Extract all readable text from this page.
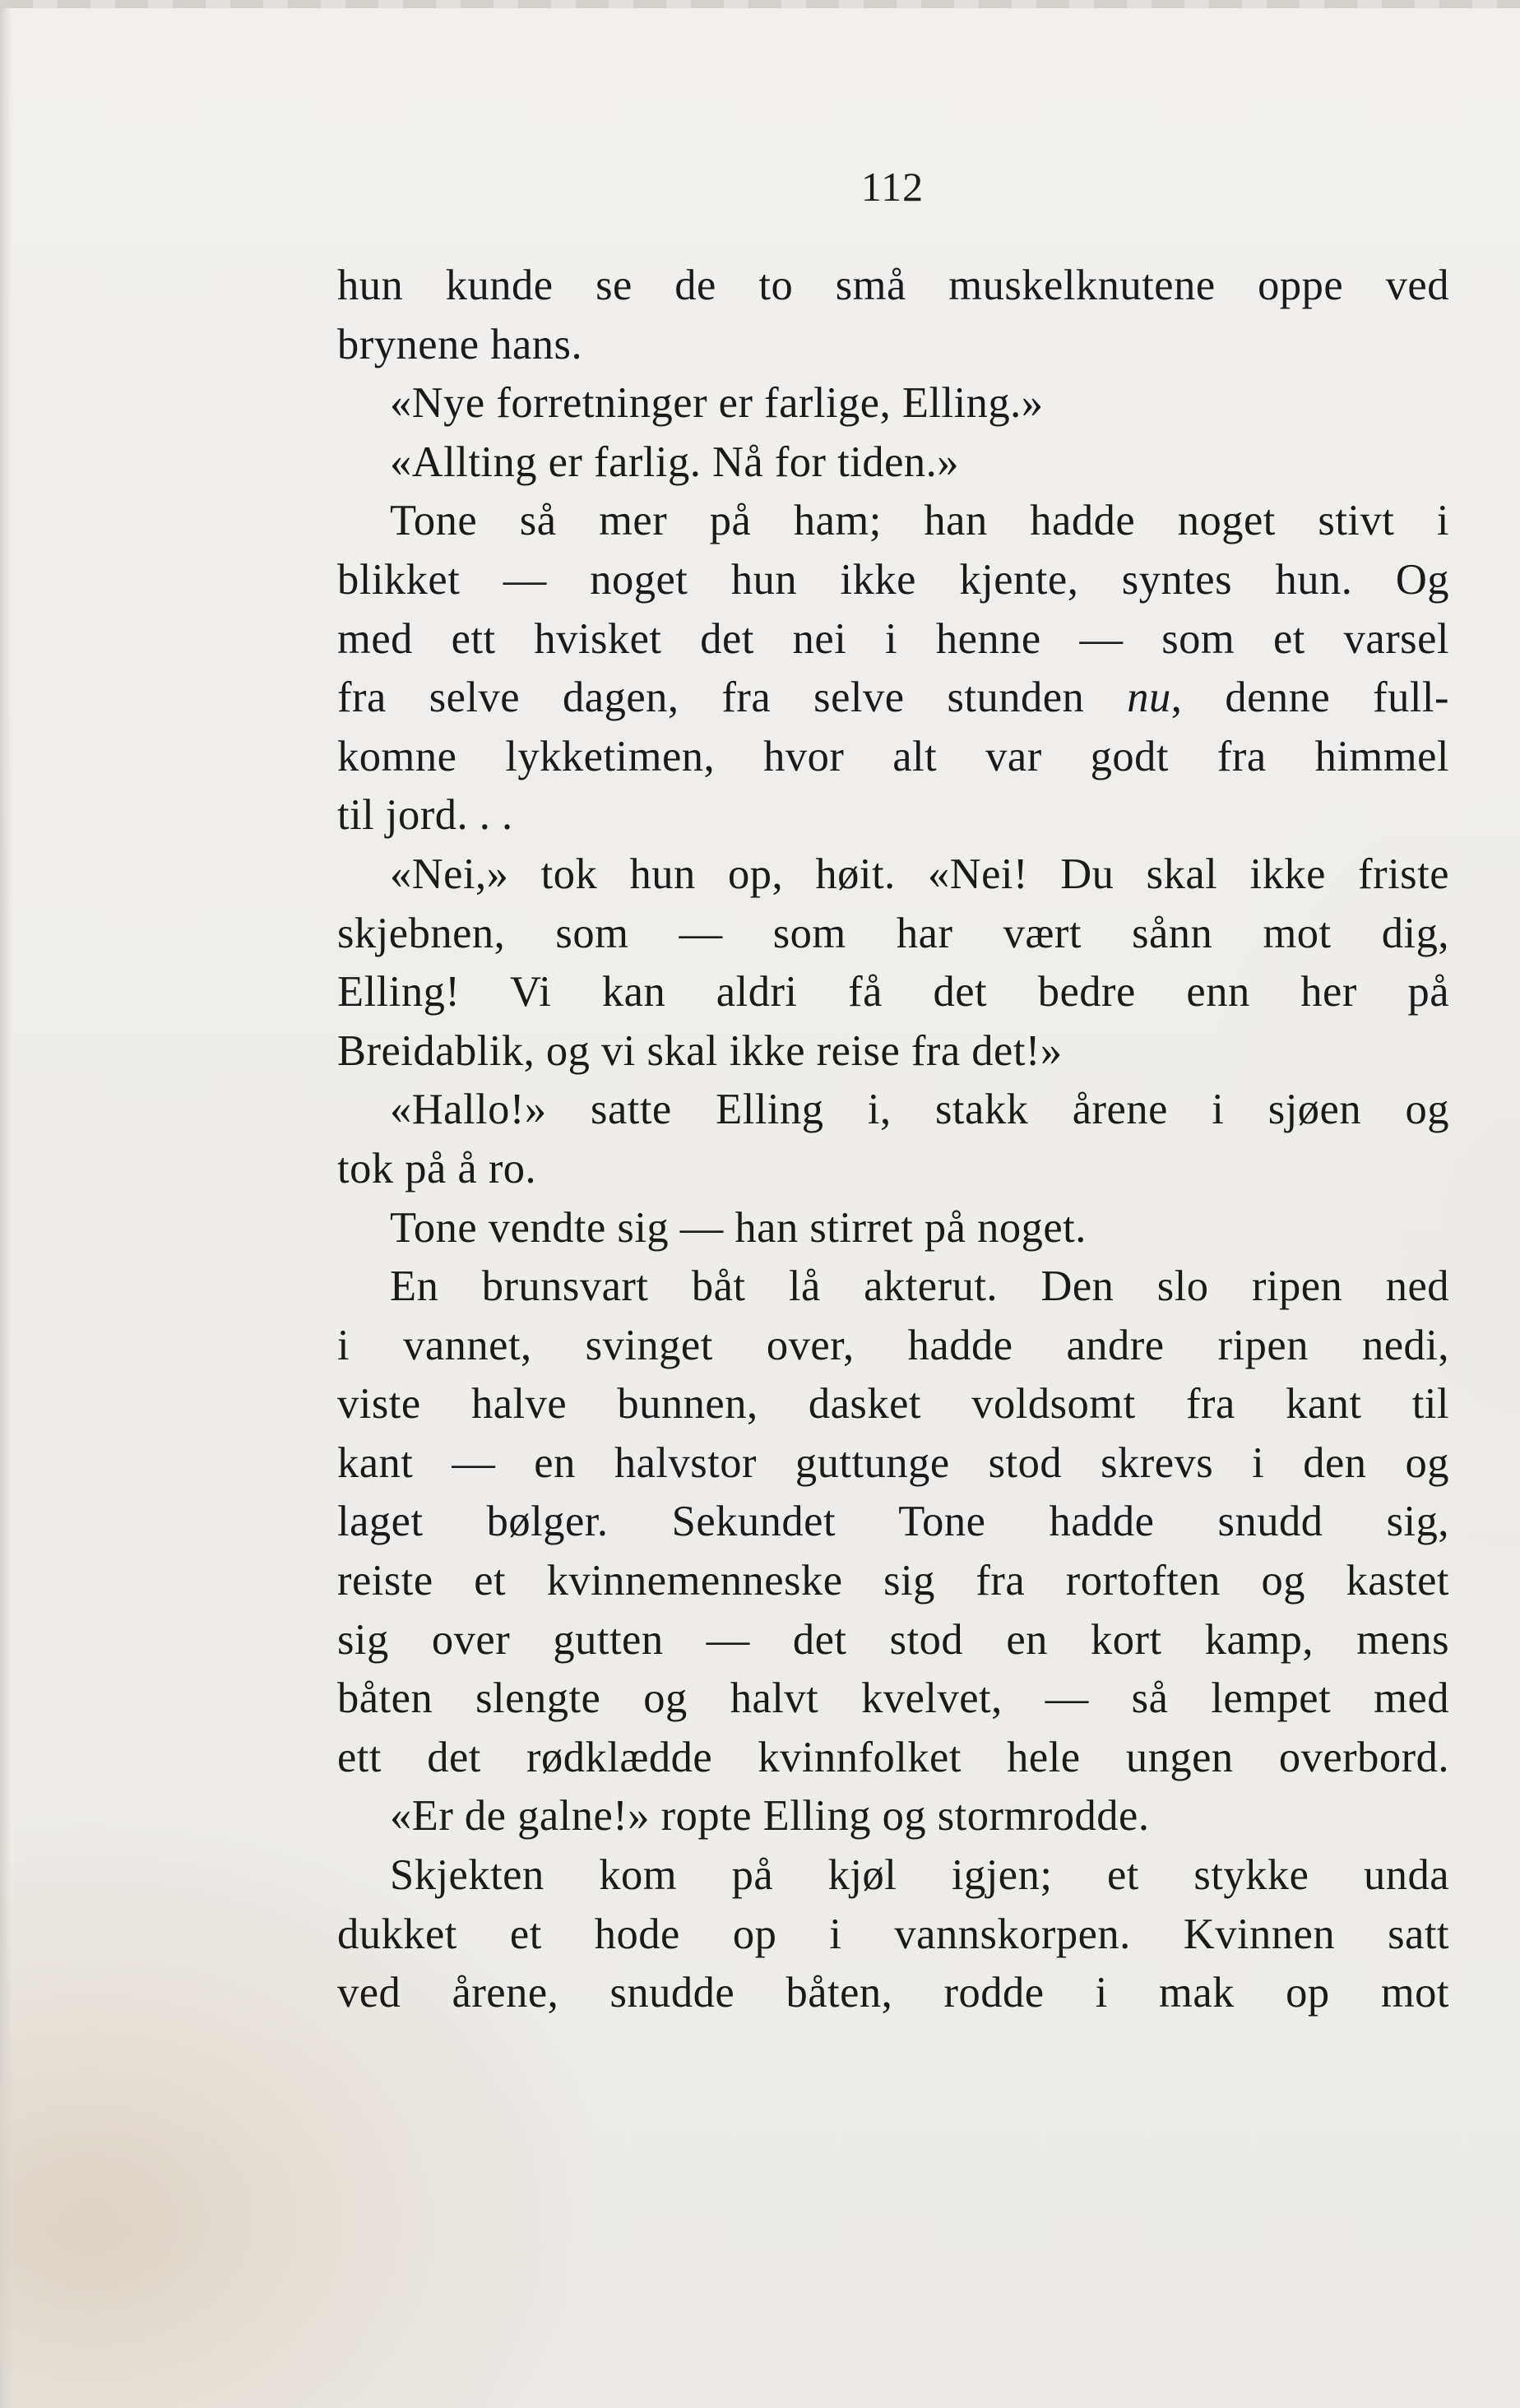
112
hun kunde se de to små muskelknutene oppe ved
brynene hans.
«Nye forretninger er farlige, Elling.»
«Allting er farlig. Nå for tiden.»
Tone så mer på ham; han hadde noget stivt i
blikket — noget hun ikke kjente, syntes hun. Og
med ett hvisket det nei i henne — som et varsel
fra selve dagen, fra selve stunden nu, denne full-
komne lykketimen, hvor alt var godt fra himmel
til jord. . .
«Nei,» tok hun op, høit. «Nei! Du skal ikke friste
skjebnen, som — som har vært sånn mot dig,
Elling! Vi kan aldri få det bedre enn her på
Breidablik, og vi skal ikke reise fra det!»
«Hallo!» satte Elling i, stakk årene i sjøen og
tok på å ro.
Tone vendte sig — han stirret på noget.
En brunsvart båt lå akterut. Den slo ripen ned
i vannet, svinget over, hadde andre ripen nedi,
viste halve bunnen, dasket voldsomt fra kant til
kant — en halvstor guttunge stod skrevs i den og
laget bølger. Sekundet Tone hadde snudd sig,
reiste et kvinnemenneske sig fra rortoften og kastet
sig over gutten — det stod en kort kamp, mens
båten slengte og halvt kvelvet, — så lempet med
ett det rødklædde kvinnfolket hele ungen overbord.
«Er de galne!» ropte Elling og stormrodde.
Skjekten kom på kjøl igjen; et stykke unda
dukket et hode op i vannskorpen. Kvinnen satt
ved årene, snudde båten, rodde i mak op mot
